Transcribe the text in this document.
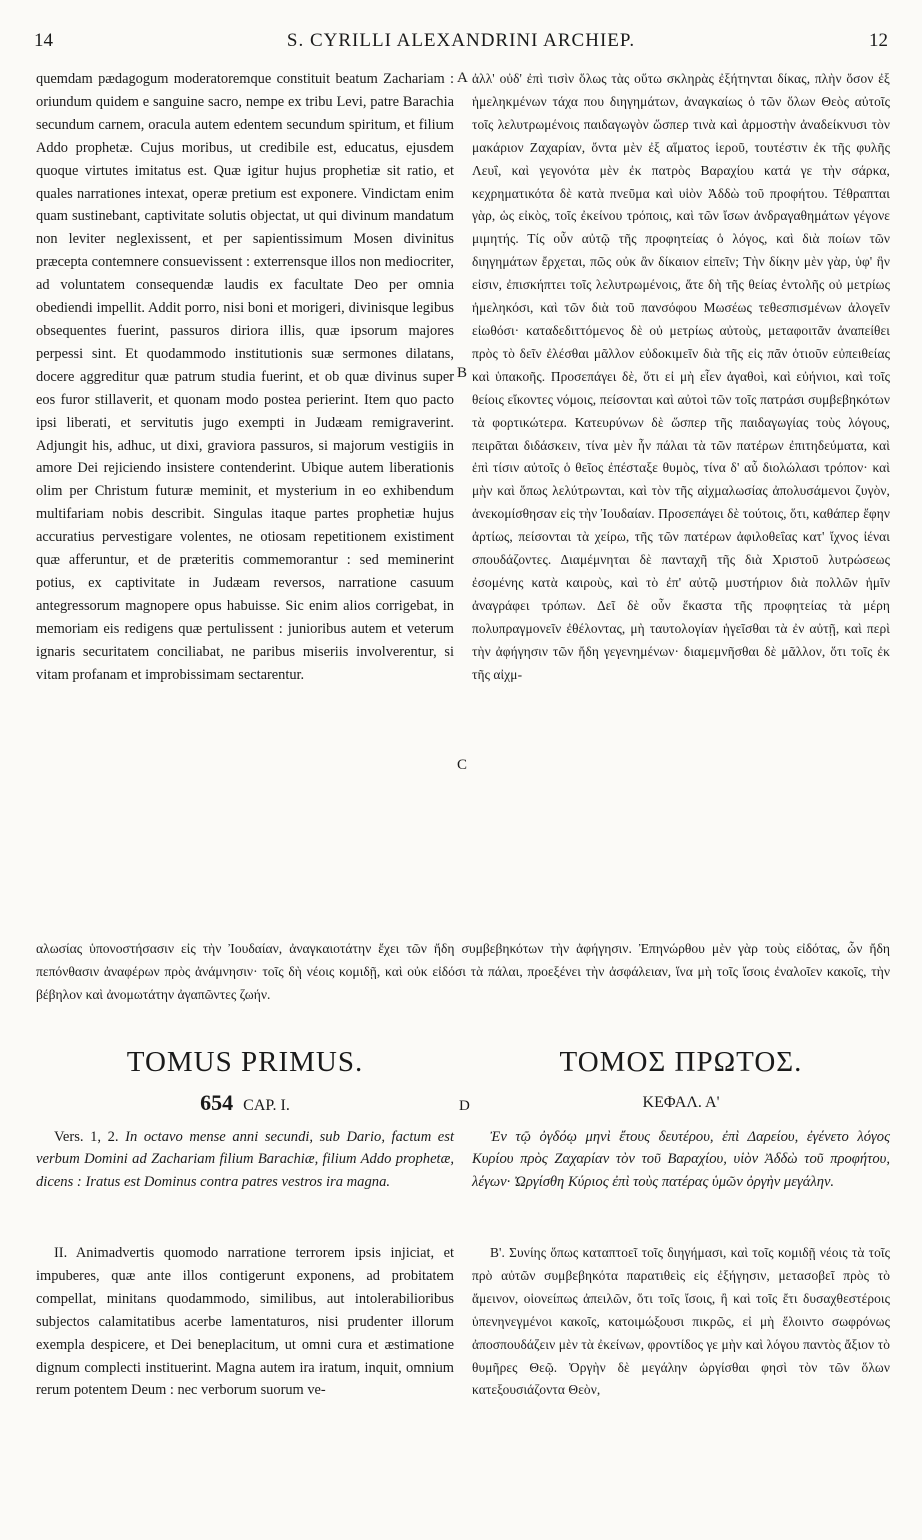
14	S. CYRILLI ALEXANDRINI ARCHIEP.	12

quemdam pædagogum moderatoremque constituit beatum Zachariam : oriundum quidem e sanguine sacro, nempe ex tribu Levi, patre Barachia secundum carnem, oracula autem edentem secundum spiritum, et filium Addo prophetæ. Cujus moribus, ut credibile est, educatus, ejusdem quoque virtutes imitatus est. Quæ igitur hujus prophetiæ sit ratio, et quales narrationes intexat, operæ pretium est exponere. Vindictam enim quam sustinebant, captivitate solutis objectat, ut qui divinum mandatum non leviter neglexissent, et per sapientissimum Mosen divinitus præcepta contemnere consuevissent : exterrensque illos non mediocriter, ad voluntatem consequendæ laudis ex facultate Deo per omnia obediendi impellit. Addit porro, nisi boni et morigeri, divinisque legibus obsequentes fuerint, passuros diriora illis, quæ ipsorum majores perpessi sint. Et quodammodo institutionis suæ sermones dilatans, docere aggreditur quæ patrum studia fuerint, et ob quæ divinus super eos furor stillaverit, et quonam modo postea perierint. Item quo pacto ipsi liberati, et servitutis jugo exempti in Judæam remigraverint. Adjungit his, adhuc, ut dixi, graviora passuros, si majorum vestigiis in amore Dei rejiciendo insistere contenderint. Ubique autem liberationis olim per Christum futuræ meminit, et mysterium in eo exhibendum multifariam nobis describit. Singulas itaque partes prophetiæ hujus accuratius pervestigare volentes, ne otiosam repetitionem existiment quæ afferuntur, et de præteritis commemorantur : sed meminerint potius, ex captivitate in Judæam reversos, narratione casuum antegressorum magnopere opus habuisse. Sic enim alios corrigebat, in memoriam eis redigens quæ pertulissent : junioribus autem et veterum ignaris securitatem conciliabat, ne paribus miseriis involverentur, si vitam profanam et improbissimam sectarentur.

A
B
C

ἀλλ' οὐδ' ἐπὶ τισὶν ὅλως τὰς οὕτω σκληρὰς ἐξήτηνται δίκας, πλὴν ὅσον ἐξ ἡμεληκμένων τάχα που διηγημάτων, ἀναγκαίως ὁ τῶν ὅλων Θεὸς αὐτοῖς τοῖς λελυτρωμένοις παιδαγωγὸν ὥσπερ τινὰ καὶ ἁρμοστὴν ἀναδείκνυσι τὸν μακάριον Ζαχαρίαν, ὄντα μὲν ἐξ αἵματος ἱεροῦ, τουτέστιν ἐκ τῆς φυλῆς Λευΐ, καὶ γεγονότα μὲν ἐκ πατρὸς Βαραχίου κατά γε τὴν σάρκα, κεχρηματικότα δὲ κατὰ πνεῦμα καὶ υἱὸν Ἀδδὼ τοῦ προφήτου. Τέθραπται γὰρ, ὡς εἰκὸς, τοῖς ἐκείνου τρόποις, καὶ τῶν ἴσων ἀνδραγαθημάτων γέγονε μιμητής. Τίς οὖν αὐτῷ τῆς προφητείας ὁ λόγος, καὶ διὰ ποίων τῶν διηγημάτων ἔρχεται, πῶς οὐκ ἂν δίκαιον εἰπεῖν; Τὴν δίκην μὲν γὰρ, ὑφ' ἣν εἰσιν, ἐπισκήπτει τοῖς λελυτρωμένοις, ἅτε δὴ τῆς θείας ἐντολῆς οὐ μετρίως ἠμεληκόσι, καὶ τῶν διὰ τοῦ πανσόφου Μωσέως τεθεσπισμένων ἀλογεῖν εἰωθόσι· καταδεδιττόμενος δὲ οὐ μετρίως αὐτοὺς, μεταφοιτᾶν ἀναπείθει πρὸς τὸ δεῖν ἐλέσθαι μᾶλλον εὐδοκιμεῖν διὰ τῆς εἰς πᾶν ὁτιοῦν εὐπειθείας καὶ ὑπακοῆς. Προσεπάγει δὲ, ὅτι εἰ μὴ εἶεν ἀγαθοὶ, καὶ εὐήνιοι, καὶ τοῖς θείοις εἴκοντες νόμοις, πείσονται καὶ αὐτοὶ τῶν τοῖς πατράσι συμβεβηκότων τὰ φορτικώτερα. Κατευρύνων δὲ ὥσπερ τῆς παιδαγωγίας τοὺς λόγους, πειρᾶται διδάσκειν, τίνα μὲν ἦν πάλαι τὰ τῶν πατέρων ἐπιτηδεύματα, καὶ ἐπὶ τίσιν αὐτοῖς ὁ θεῖος ἐπέσταξε θυμὸς, τίνα δ' αὖ διολώλασι τρόπον· καὶ μὴν καὶ ὅπως λελύτρωνται, καὶ τὸν τῆς αἰχμαλωσίας ἀπολυσάμενοι ζυγὸν, ἀνεκομίσθησαν εἰς τὴν Ἰουδαίαν. Προσεπάγει δὲ τούτοις, ὅτι, καθάπερ ἔφην ἀρτίως, πείσονται τὰ χείρω, τῆς τῶν πατέρων ἀφιλοθεΐας κατ' ἴχνος ἰέναι σπουδάζοντες. Διαμέμνηται δὲ πανταχῆ τῆς διὰ Χριστοῦ λυτρώσεως ἐσομένης κατὰ καιροὺς, καὶ τὸ ἐπ' αὐτῷ μυστήριον διὰ πολλῶν ἡμῖν ἀναγράφει τρόπων. Δεῖ δὲ οὖν ἕκαστα τῆς προφητείας τὰ μέρη πολυπραγμονεῖν ἐθέλοντας, μὴ ταυτολογίαν ἡγεῖσθαι τὰ ἐν αὐτῇ, καὶ περὶ τὴν ἀφήγησιν τῶν ἤδη γεγενημένων· διαμεμνῆσθαι δὲ μᾶλλον, ὅτι τοῖς ἐκ τῆς αἰχμ-

αλωσίας ὑπονοστήσασιν εἰς τὴν Ἰουδαίαν, ἀναγκαιοτάτην ἔχει τῶν ἤδη συμβεβηκότων τὴν ἀφήγησιν. Ἐπηνώρθου μὲν γὰρ τοὺς εἰδότας, ὧν ἤδη πεπόνθασιν ἀναφέρων πρὸς ἀνάμνησιν· τοῖς δὴ νέοις κομιδῇ, καὶ οὐκ εἰδόσι τὰ πάλαι, προεξένει τὴν ἀσφάλειαν, ἵνα μὴ τοῖς ἴσοις ἐναλοῖεν κακοῖς, τὴν βέβηλον καὶ ἀνομωτάτην ἀγαπῶντες ζωήν.

TOMUS PRIMUS.	ΤΟΜΟΣ ΠΡΩΤΟΣ.
654 CAP. I.	D	ΚΕΦΑΛ. Α'
Vers. 1, 2. In octavo mense anni secundi, sub Dario, factum est verbum Domini ad Zachariam filium Barachiæ, filium Addo prophetæ, dicens : Iratus est Dominus contra patres vestros ira magna.
Ἐν τῷ ὀγδόῳ μηνὶ ἔτους δευτέρου, ἐπὶ Δαρείου, ἐγένετο λόγος Κυρίου πρὸς Ζαχαρίαν τὸν τοῦ Βαραχίου, υἱὸν Ἀδδὼ τοῦ προφήτου, λέγων· Ὠργίσθη Κύριος ἐπὶ τοὺς πατέρας ὑμῶν ὀργὴν μεγάλην.

II. Animadvertis quomodo narratione terrorem ipsis injiciat, et impuberes, quæ ante illos contigerunt exponens, ad probitatem compellat, minitans quodammodo, similibus, aut intolerabilioribus subjectos calamitatibus acerbe lamentaturos, nisi prudenter illorum exempla despicere, et Dei beneplacitum, ut omni cura et æstimatione dignum complecti instituerint. Magna autem ira iratum, inquit, omnium rerum potentem Deum : nec verborum suorum ve-

Β'. Συνίης ὅπως καταπτοεῖ τοῖς διηγήμασι, καὶ τοῖς κομιδῇ νέοις τὰ τοῖς πρὸ αὐτῶν συμβεβηκότα παρατιθεὶς εἰς ἐξήγησιν, μετασοβεῖ πρὸς τὸ ἄμεινον, οἱονείπως ἀπειλῶν, ὅτι τοῖς ἴσοις, ἢ καὶ τοῖς ἔτι δυσαχθεστέροις ὑπενηνεγμένοι κακοῖς, κατοιμώξουσι πικρῶς, εἰ μὴ ἕλοιντο σωφρόνως ἀποσπουδάζειν μὲν τὰ ἐκείνων, φροντίδος γε μὴν καὶ λόγου παντὸς ἄξιον τὸ θυμῆρες Θεῷ. Ὀργὴν δὲ μεγάλην ὠργίσθαι φησὶ τὸν τῶν ὅλων κατεξουσιάζοντα Θεὸν,
